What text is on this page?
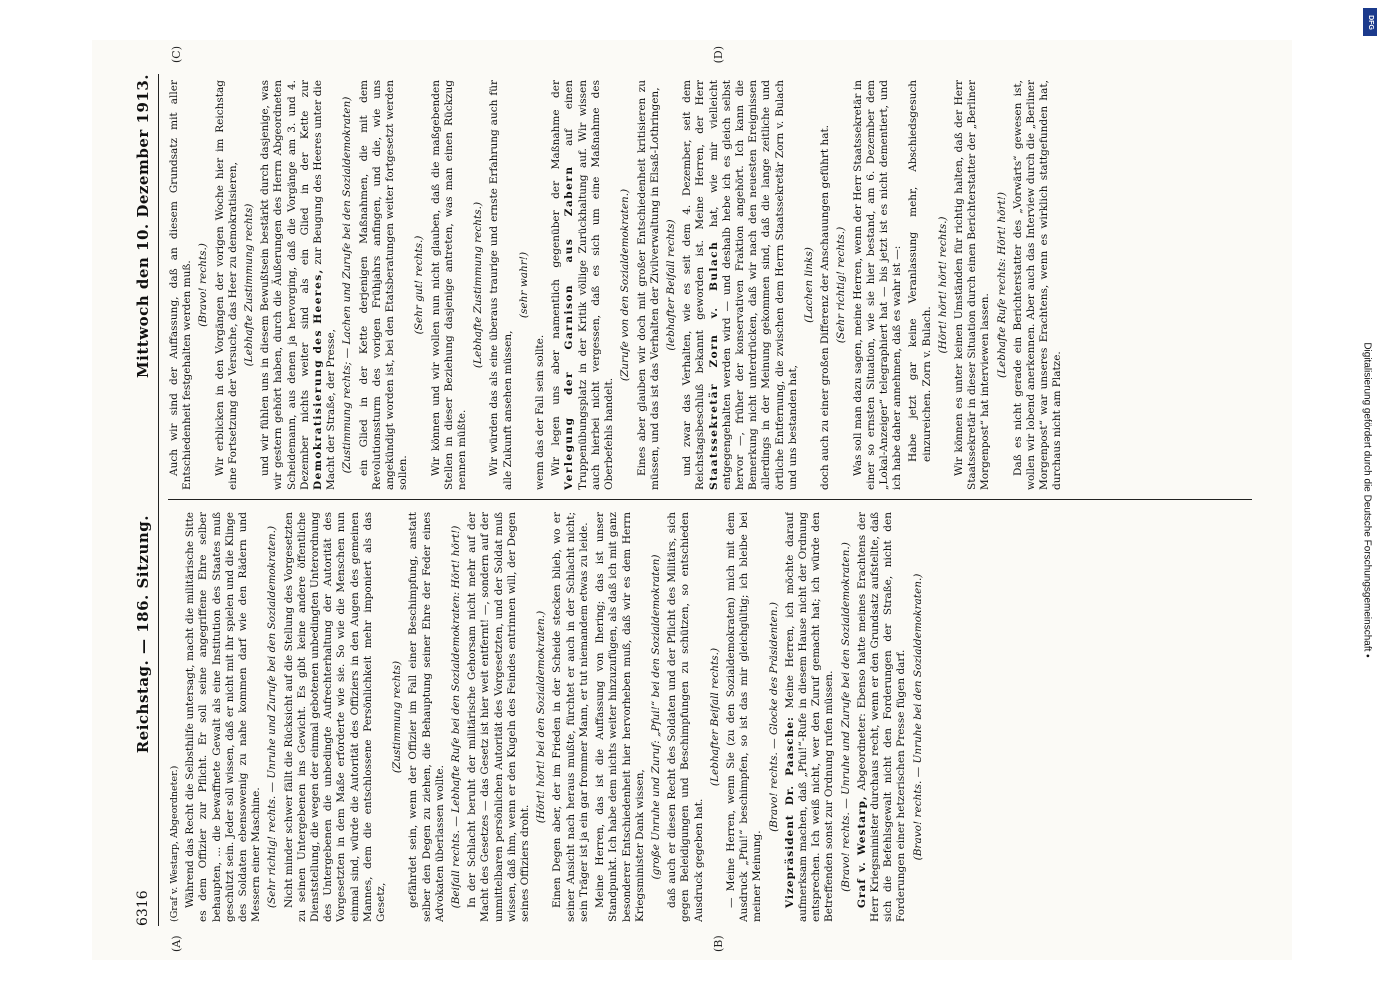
6316
Reichstag. — 186. Sitzung.
Mittwoch den 10. Dezember 1913.
(A)	(B)
(C)	(D)

(Graf v. Westarp, Abgeordneter.) Während das Recht die Selbsthilfe untersagt, macht die militärische Sitte es dem Offizier zur Pflicht. Er soll seine angegriffene Ehre selber behaupten, ... die bewaffnete Gewalt als eine Institution des Staates muß geschützt sein. Jeder soll wissen, daß er nicht mit ihr spielen und die Klinge des Soldaten ebensowenig zu nahe kommen darf wie den Rädern und Messern einer Maschine. (Sehr richtig! rechts. — Unruhe und Zurufe bei den Sozialdemokraten.) Nicht minder schwer fällt die Rücksicht auf die Stellung des Vorgesetzten zu seinen Untergebenen ins Gewicht. Es gibt keine andere öffentliche Dienststellung, die wegen der einmal gebotenen unbedingten Unterordnung des Untergebenen die unbedingte Aufrechterhaltung der Autorität des Vorgesetzten in dem Maße erforderte wie sie. So wie die Menschen nun einmal sind, würde die Autorität des Offiziers in den Augen des gemeinen Mannes, dem die entschlossene Persönlichkeit mehr imponiert als das Gesetz,

(Zustimmung rechts) gefährdet sein, wenn der Offizier im Fall einer Beschimpfung, anstatt selber den Degen zu ziehen, die Behauptung seiner Ehre der Feder eines Advokaten überlassen wollte. (Beifall rechts. — Lebhafte Rufe bei den Sozialdemokraten: Hört! hört!) In der Schlacht beruht der militärische Gehorsam nicht mehr auf der Macht des Gesetzes — das Gesetz ist hier weit entfernt! —, sondern auf der unmittelbaren persönlichen Autorität des Vorgesetzten, und der Soldat muß wissen, daß ihm, wenn er den Kugeln des Feindes entrinnen will, der Degen seines Offiziers droht.

(Hört! hört! bei den Sozialdemokraten.) Einen Degen aber, der im Frieden in der Scheide stecken blieb, wo er seiner Ansicht nach heraus mußte, fürchtet er auch in der Schlacht nicht; sein Träger ist ja ein gar frommer Mann, er tut niemandem etwas zu leide. Meine Herren, das ist die Auffassung von Ihering; das ist unser Standpunkt. Ich habe dem nichts weiter hinzuzufügen, als daß ich mit ganz besonderer Entschiedenheit hier hervorheben muß, daß wir es dem Herrn Kriegsminister Dank wissen, (große Unruhe und Zuruf: „Pfui!“ bei den Sozialdemokraten) daß auch er diesen Recht des Soldaten und der Pflicht des Militärs, sich gegen Beleidigungen und Beschimpfungen zu schützen, so entschieden Ausdruck gegeben hat.

(Lebhafter Beifall rechts.) — Meine Herren, wenn Sie (zu den Sozialdemokraten) mich mit dem Ausdruck „Pfui!“ beschimpfen, so ist das mir gleichgültig; ich bleibe bei meiner Meinung.

(Bravo! rechts. — Glocke des Präsidenten.) Vizepräsident Dr. Paasche: Meine Herren, ich möchte darauf aufmerksam machen, daß „Pfui!“-Rufe in diesem Hause nicht der Ordnung entsprechen. Ich weiß nicht, wer den Zuruf gemacht hat; ich würde den Betreffenden sonst zur Ordnung rufen müssen. (Bravo! rechts. — Unruhe und Zurufe bei den Sozialdemokraten.) Graf v. Westarp, Abgeordneter: Ebenso hatte meines Erachtens der Herr Kriegsminister durchaus recht, wenn er den Grundsatz aufstellte, daß sich die Befehlsgewalt nicht den Forderungen der Straße, nicht den Forderungen einer hetzerischen Presse fügen darf. (Bravo! rechts. — Unruhe bei den Sozialdemokraten.)

Auch wir sind der Auffassung, daß an diesem Grundsatz mit aller Entschiedenheit festgehalten werden muß. (Bravo! rechts.) Wir erblicken in den Vorgängen der vorigen Woche hier im Reichstag eine Fortsetzung der Versuche, das Heer zu demokratisieren, (Lebhafte Zustimmung rechts) und wir fühlen uns in diesem Bewußtsein bestärkt durch dasjenige, was wir gestern gehört haben, durch die Äußerungen des Herrn Abgeordneten Scheidemann, aus denen ja hervorging, daß die Vorgänge am 3. und 4. Dezember nichts weiter sind als ein Glied in der Kette zur Demokratisierung des Heeres, zur Beugung des Heeres unter die Macht der Straße, der Presse, (Zustimmung rechts; — Lachen und Zurufe bei den Sozialdemokraten) ein Glied in der Kette derjenigen Maßnahmen, die mit dem Revolutionssturm des vorigen Frühjahrs anfingen, und die, wie uns angekündigt worden ist, bei den Etatsberatungen weiter fortgesetzt werden sollen.

(Sehr gut! rechts.) Wir können und wir wollen nun nicht glauben, daß die maßgebenden Stellen in dieser Beziehung dasjenige antreten, was man einen Rückzug nennen müßte.

(Lebhafte Zustimmung rechts.) Wir würden das als eine überaus traurige und ernste Erfahrung auch für alle Zukunft ansehen müssen,

(sehr wahr!)

wenn das der Fall sein sollte. Wir legen uns aber namentlich gegenüber der Maßnahme der Verlegung der Garnison aus Zabern auf einen Truppenübungsplatz in der Kritik völlige Zurückhaltung auf. Wir wissen auch hierbei nicht vergessen, daß es sich um eine Maßnahme des Oberbefehls handelt.

(Zurufe von den Sozialdemokraten.) Eines aber glauben wir doch mit großer Entschiedenheit kritisieren zu müssen, und das ist das Verhalten der Zivilverwaltung in Elsaß-Lothringen, (lebhafter Beifall rechts) und zwar das Verhalten, wie es seit dem 4. Dezember, seit dem Reichstagsbeschluß bekannt geworden ist. Meine Herren, der Herr Staatssekretär Zorn v. Bulach hat, wie mir vielleicht entgegengehalten werden wird — und deshalb hebe ich es gleich selbst hervor —, früher der konservativen Fraktion angehört. Ich kann die Bemerkung nicht unterdrücken, daß wir nach den neuesten Ereignissen allerdings in der Meinung gekommen sind, daß die lange zeitliche und örtliche Entfernung, die zwischen dem Herrn Staatssekretär Zorn v. Bulach und uns bestanden hat,

(Lachen links) doch auch zu einer großen Differenz der Anschauungen geführt hat. (Sehr richtig! rechts.) Was soll man dazu sagen, meine Herren, wenn der Herr Staatssekretär in einer so ernsten Situation, wie sie hier bestand, am 6. Dezember dem „Lokal-Anzeiger“ telegraphiert hat — bis jetzt ist es nicht dementiert, und ich habe daher annehmen, daß es wahr ist —: Habe jetzt gar keine Veranlassung mehr, Abschiedsgesuch einzureichen. Zorn v. Bulach.

(Hört! hört! hört! rechts.) Wir können es unter keinen Umständen für richtig halten, daß der Herr Staatssekretär in dieser Situation durch einen Berichterstatter der „Berliner Morgenpost“ hat interviewen lassen.

(Lebhafte Rufe rechts: Hört! hört!) Daß es nicht gerade ein Berichterstatter des „Vorwärts“ gewesen ist, wollen wir lobend anerkennen. Aber auch das Interview durch die „Berliner Morgenpost“ war unseres Erachtens, wenn es wirklich stattgefunden hat, durchaus nicht am Platze.

DFG
Digitalisierung gefördert durch die Deutsche Forschungsgemeinschaft •
